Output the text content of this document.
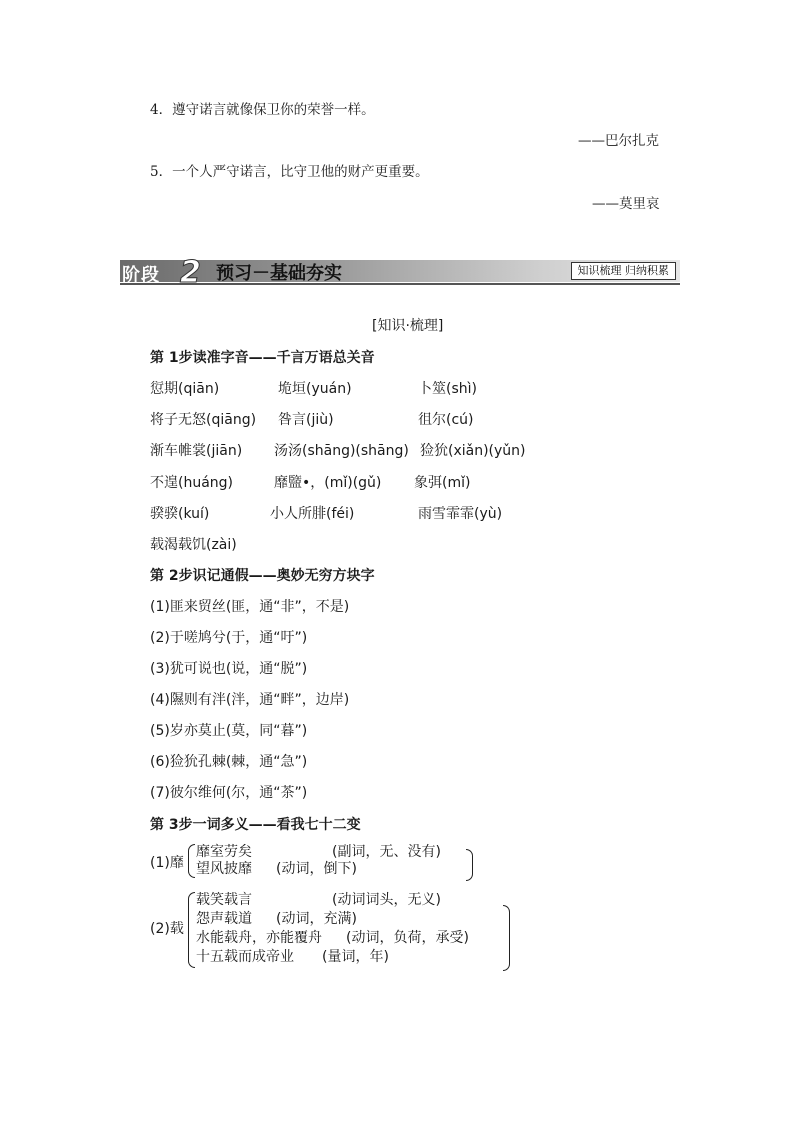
4．遵守诺言就像保卫你的荣誉一样。
——巴尔扎克
5．一个人严守诺言，比守卫他的财产更重要。
——莫里哀
阶段 2 预习－基础夯实	知识梳理 归纳积累
[知识·梳理]
第 1步读准字音——千言万语总关音
愆期(qiān)	垝垣(yuán)	卜筮(shì)
将子无怒(qiāng) 咎言(jiù)	徂尔(cú)
渐车帷裳(jiān) 汤汤(shāng)(shāng) 猃狁(xiǎn)(yǔn)
不遑(huáng)	靡盬•，(mǐ)(gǔ) 象弭(mǐ)
骙骙(kuí)	小人所腓(féi)	雨雪霏霏(yù)
载渴载饥(zài)
第 2步识记通假——奥妙无穷方块字
(1)匪来贸丝(匪，通“非”，不是)
(2)于嗟鸠兮(于，通“吁”)
(3)犹可说也(说，通“脱”)
(4)隰则有泮(泮，通“畔”，边岸)
(5)岁亦莫止(莫，同“暮”)
(6)猃狁孔棘(棘，通“急”)
(7)彼尔维何(尔，通“茶”)
第 3步一词多义——看我七十二变
(1)靡
靡室劳矣	(副词，无、没有)
望风披靡 (动词，倒下)
(2)载
载笑载言	(动词词头，无义)
怨声载道 (动词，充满)
水能载舟，亦能覆舟 (动词，负荷，承受)
十五载而成帝业 (量词，年)
